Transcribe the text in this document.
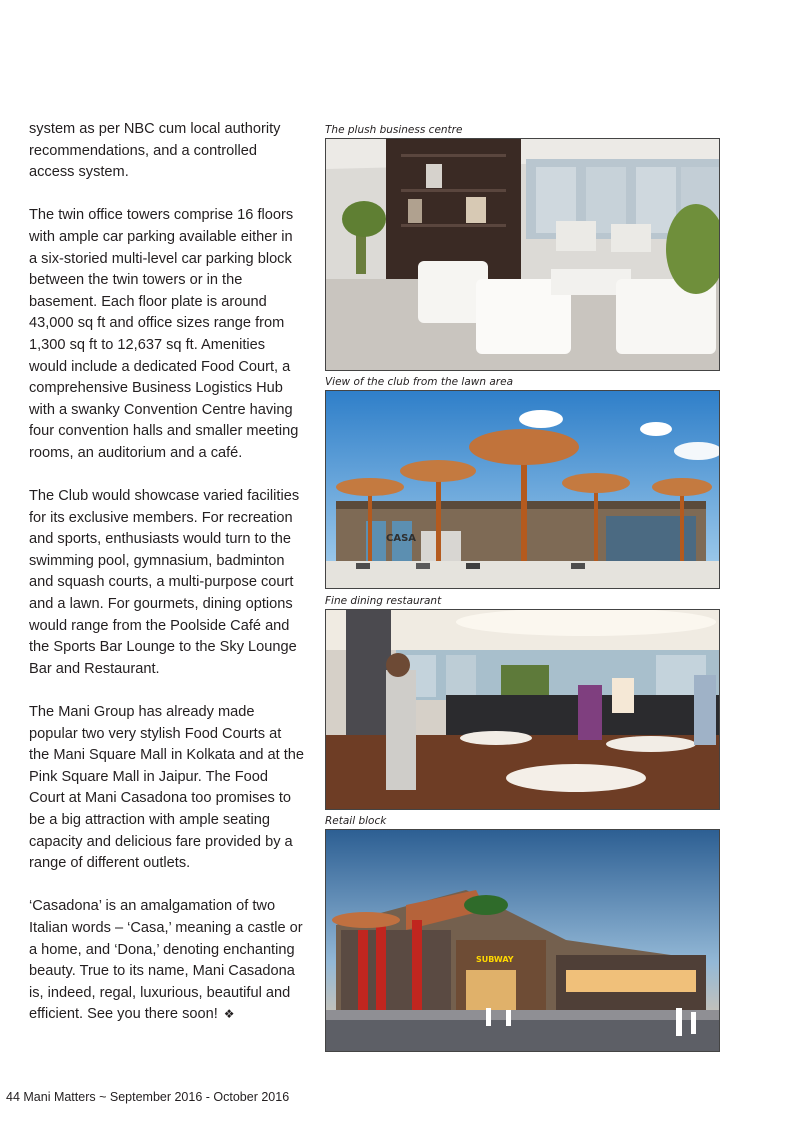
system as per NBC cum local authority recommendations, and a controlled access system.

The twin office towers comprise 16 floors with ample car parking available either in a six-storied multi-level car parking block between the twin towers or in the basement. Each floor plate is around 43,000 sq ft and office sizes range from 1,300 sq ft to 12,637 sq ft. Amenities would include a dedicated Food Court, a comprehensive Business Logistics Hub with a swanky Convention Centre having four convention halls and smaller meeting rooms, an auditorium and a café.

The Club would showcase varied facilities for its exclusive members. For recreation and sports, enthusiasts would turn to the swimming pool, gymnasium, badminton and squash courts, a multi-purpose court and a lawn. For gourmets, dining options would range from the Poolside Café and the Sports Bar Lounge to the Sky Lounge Bar and Restaurant.

The Mani Group has already made popular two very stylish Food Courts at the Mani Square Mall in Kolkata and at the Pink Square Mall in Jaipur. The Food Court at Mani Casadona too promises to be a big attraction with ample seating capacity and delicious fare provided by a range of different outlets.

‘Casadona’ is an amalgamation of two Italian words – ‘Casa,’ meaning a castle or a home, and ‘Dona,’ denoting enchanting beauty. True to its name, Mani Casadona is, indeed, regal, luxurious, beautiful and efficient. See you there soon! ❖

The plush business centre
View of the club from the lawn area
CASA
Fine dining restaurant
Retail block
SUBWAY
44 Mani Matters ~ September 2016 - October 2016
